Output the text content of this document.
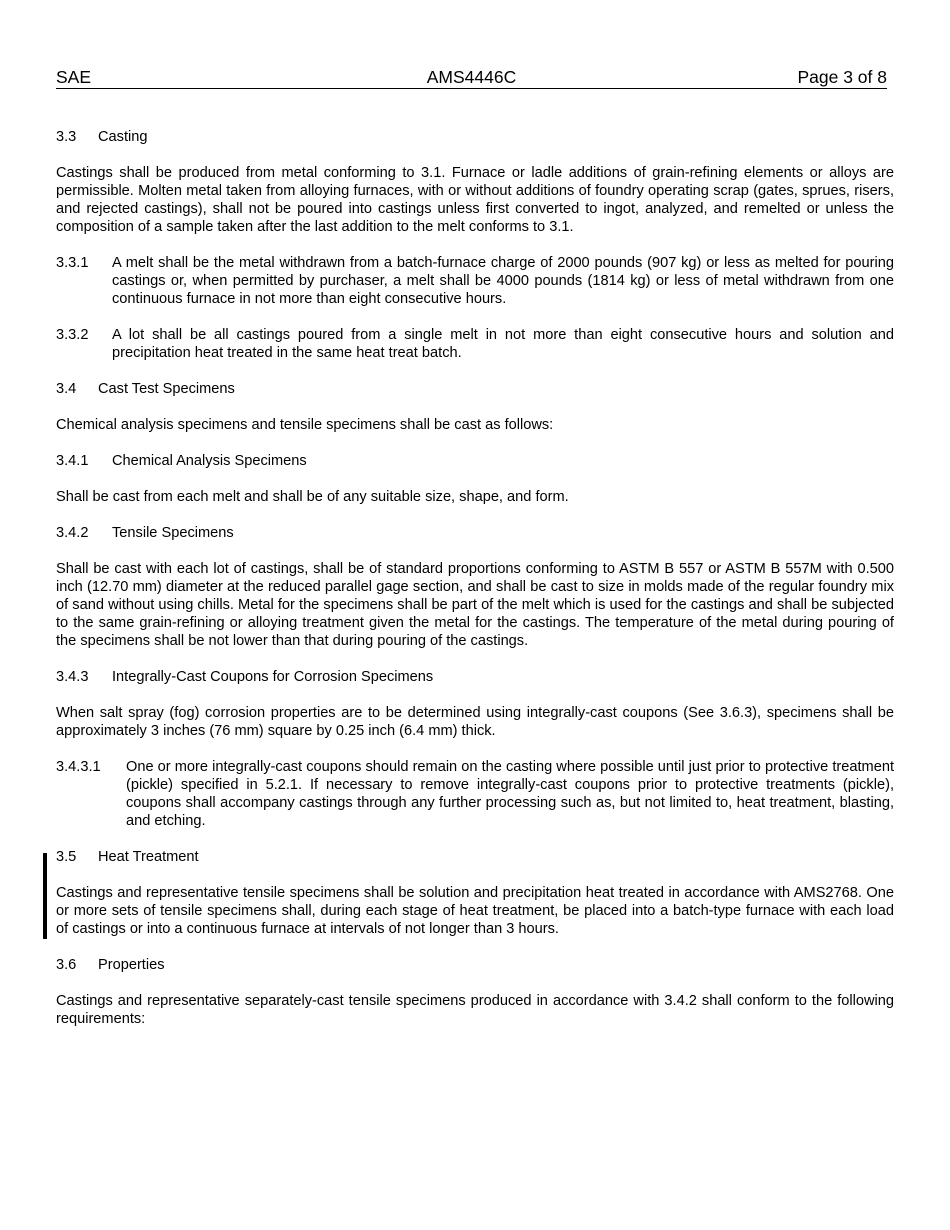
SAE	AMS4446C	Page 3 of 8
3.3 Casting

Castings shall be produced from metal conforming to 3.1. Furnace or ladle additions of grain-refining elements or alloys are permissible. Molten metal taken from alloying furnaces, with or without additions of foundry operating scrap (gates, sprues, risers, and rejected castings), shall not be poured into castings unless first converted to ingot, analyzed, and remelted or unless the composition of a sample taken after the last addition to the melt conforms to 3.1.

3.3.1 A melt shall be the metal withdrawn from a batch-furnace charge of 2000 pounds (907 kg) or less as melted for pouring castings or, when permitted by purchaser, a melt shall be 4000 pounds (1814 kg) or less of metal withdrawn from one continuous furnace in not more than eight consecutive hours.
3.3.2 A lot shall be all castings poured from a single melt in not more than eight consecutive hours and solution and precipitation heat treated in the same heat treat batch.
3.4 Cast Test Specimens

Chemical analysis specimens and tensile specimens shall be cast as follows:

3.4.1 Chemical Analysis Specimens

Shall be cast from each melt and shall be of any suitable size, shape, and form.

3.4.2 Tensile Specimens

Shall be cast with each lot of castings, shall be of standard proportions conforming to ASTM B 557 or ASTM B 557M with 0.500 inch (12.70 mm) diameter at the reduced parallel gage section, and shall be cast to size in molds made of the regular foundry mix of sand without using chills. Metal for the specimens shall be part of the melt which is used for the castings and shall be subjected to the same grain-refining or alloying treatment given the metal for the castings. The temperature of the metal during pouring of the specimens shall be not lower than that during pouring of the castings.

3.4.3 Integrally-Cast Coupons for Corrosion Specimens

When salt spray (fog) corrosion properties are to be determined using integrally-cast coupons (See 3.6.3), specimens shall be approximately 3 inches (76 mm) square by 0.25 inch (6.4 mm) thick.

3.4.3.1 One or more integrally-cast coupons should remain on the casting where possible until just prior to protective treatment (pickle) specified in 5.2.1. If necessary to remove integrally-cast coupons prior to protective treatments (pickle), coupons shall accompany castings through any further processing such as, but not limited to, heat treatment, blasting, and etching.
3.5 Heat Treatment

Castings and representative tensile specimens shall be solution and precipitation heat treated in accordance with AMS2768. One or more sets of tensile specimens shall, during each stage of heat treatment, be placed into a batch-type furnace with each load of castings or into a continuous furnace at intervals of not longer than 3 hours.

3.6 Properties

Castings and representative separately-cast tensile specimens produced in accordance with 3.4.2 shall conform to the following requirements:
